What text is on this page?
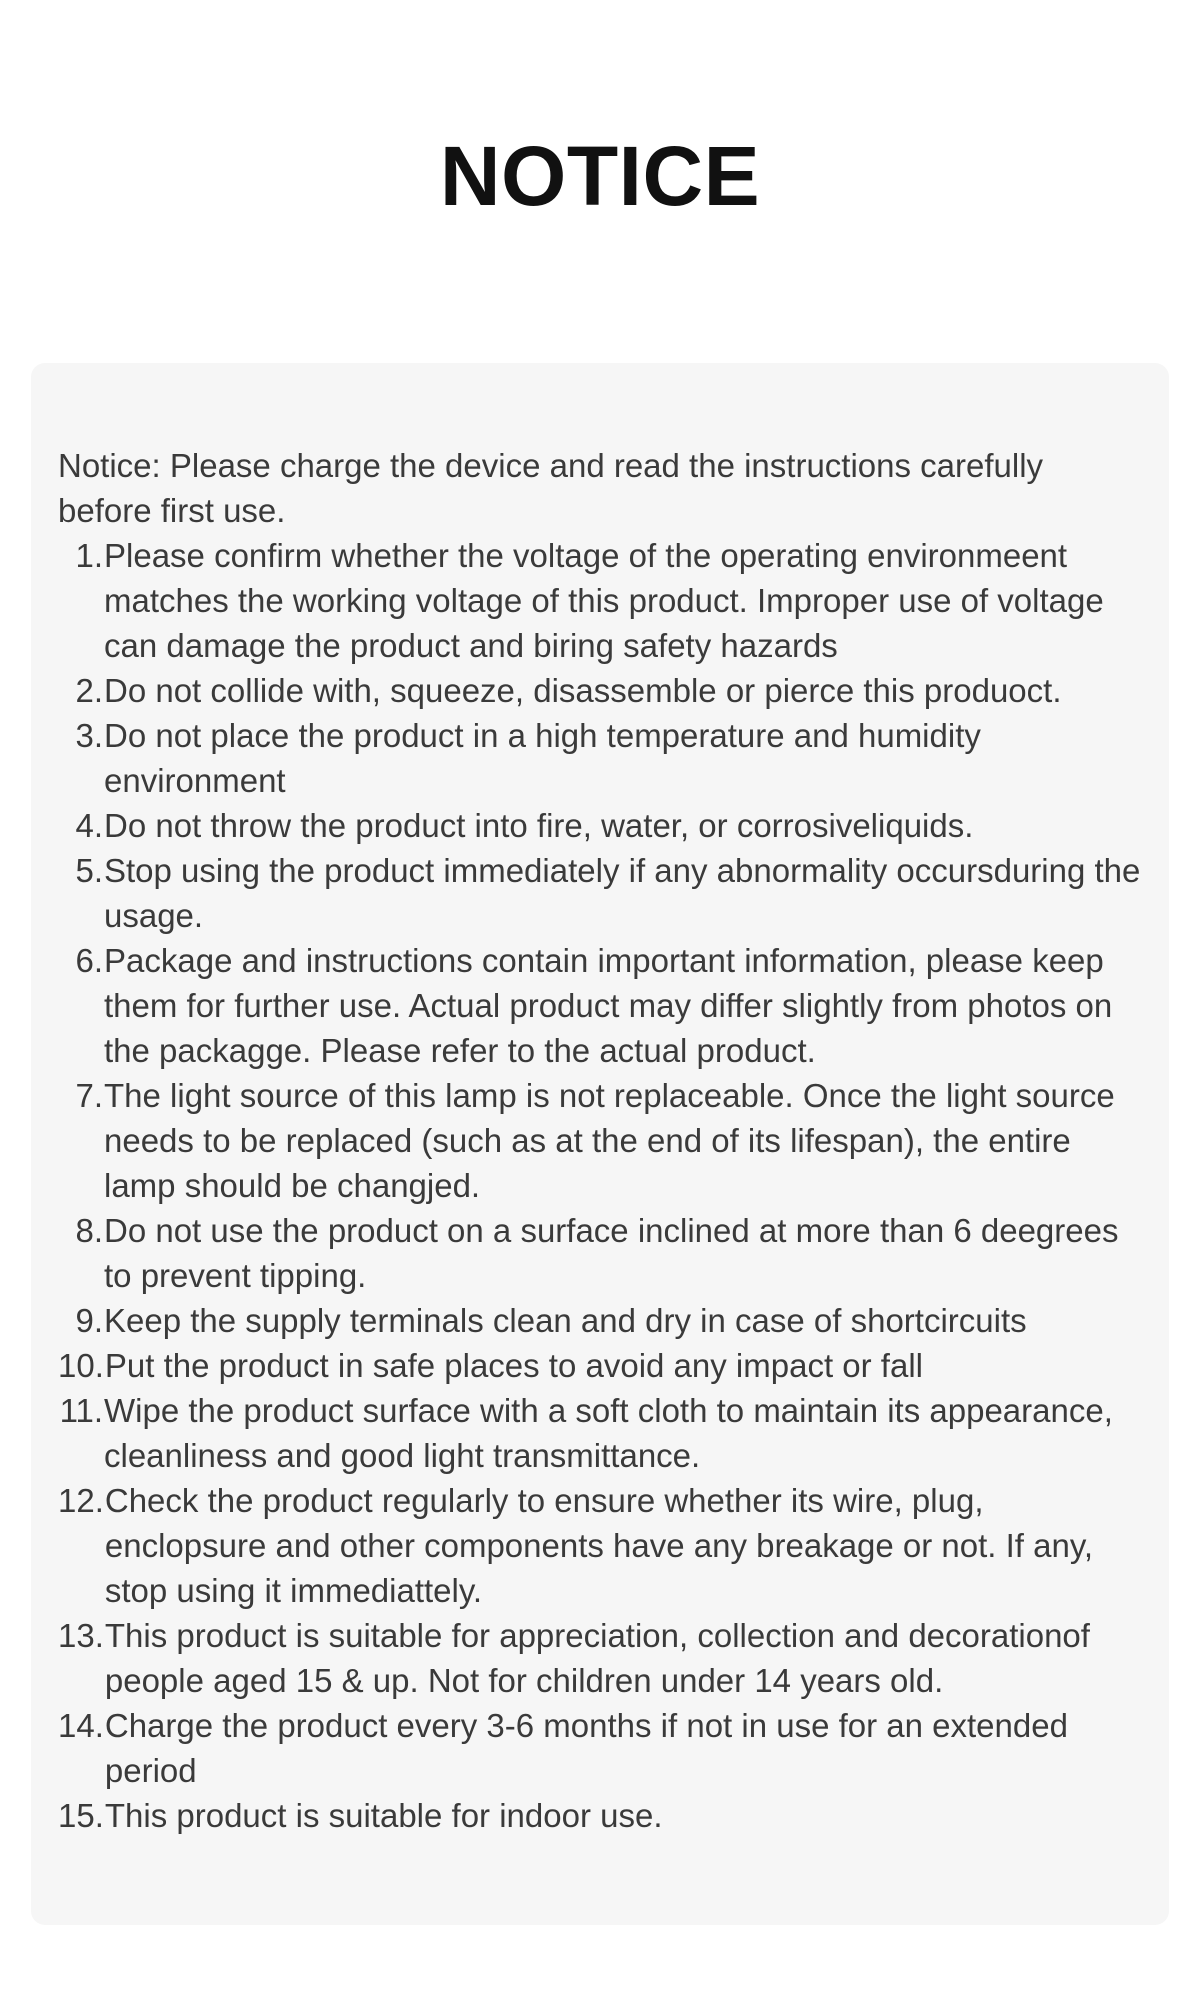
NOTICE

Notice: Please charge the device and read the instructions carefully before first use.

1. Please confirm whether the voltage of the operating environmeent matches the working voltage of this product. Improper use of voltage can damage the product and biring safety hazards
2. Do not collide with, squeeze, disassemble or pierce this produoct.
3. Do not place the product in a high temperature and humidity environment
4. Do not throw the product into fire, water, or corrosiveliquids.
5. Stop using the product immediately if any abnormality occursduring the usage.
6. Package and instructions contain important information, please keep them for further use. Actual product may differ slightly from photos on the packagge. Please refer to the actual product.
7. The light source of this lamp is not replaceable. Once the light source needs to be replaced (such as at the end of its lifespan), the entire lamp should be changjed.
8. Do not use the product on a surface inclined at more than 6 deegrees to prevent tipping.
9. Keep the supply terminals clean and dry in case of shortcircuits
10. Put the product in safe places to avoid any impact or fall
11. Wipe the product surface with a soft cloth to maintain its appearance, cleanliness and good light transmittance.
12. Check the product regularly to ensure whether its wire, plug, enclopsure and other components have any breakage or not. If any, stop using it immediattely.
13. This product is suitable for appreciation, collection and decorationof people aged 15 & up. Not for children under 14 years old.
14. Charge the product every 3-6 months if not in use for an extended period
15. This product is suitable for indoor use.
